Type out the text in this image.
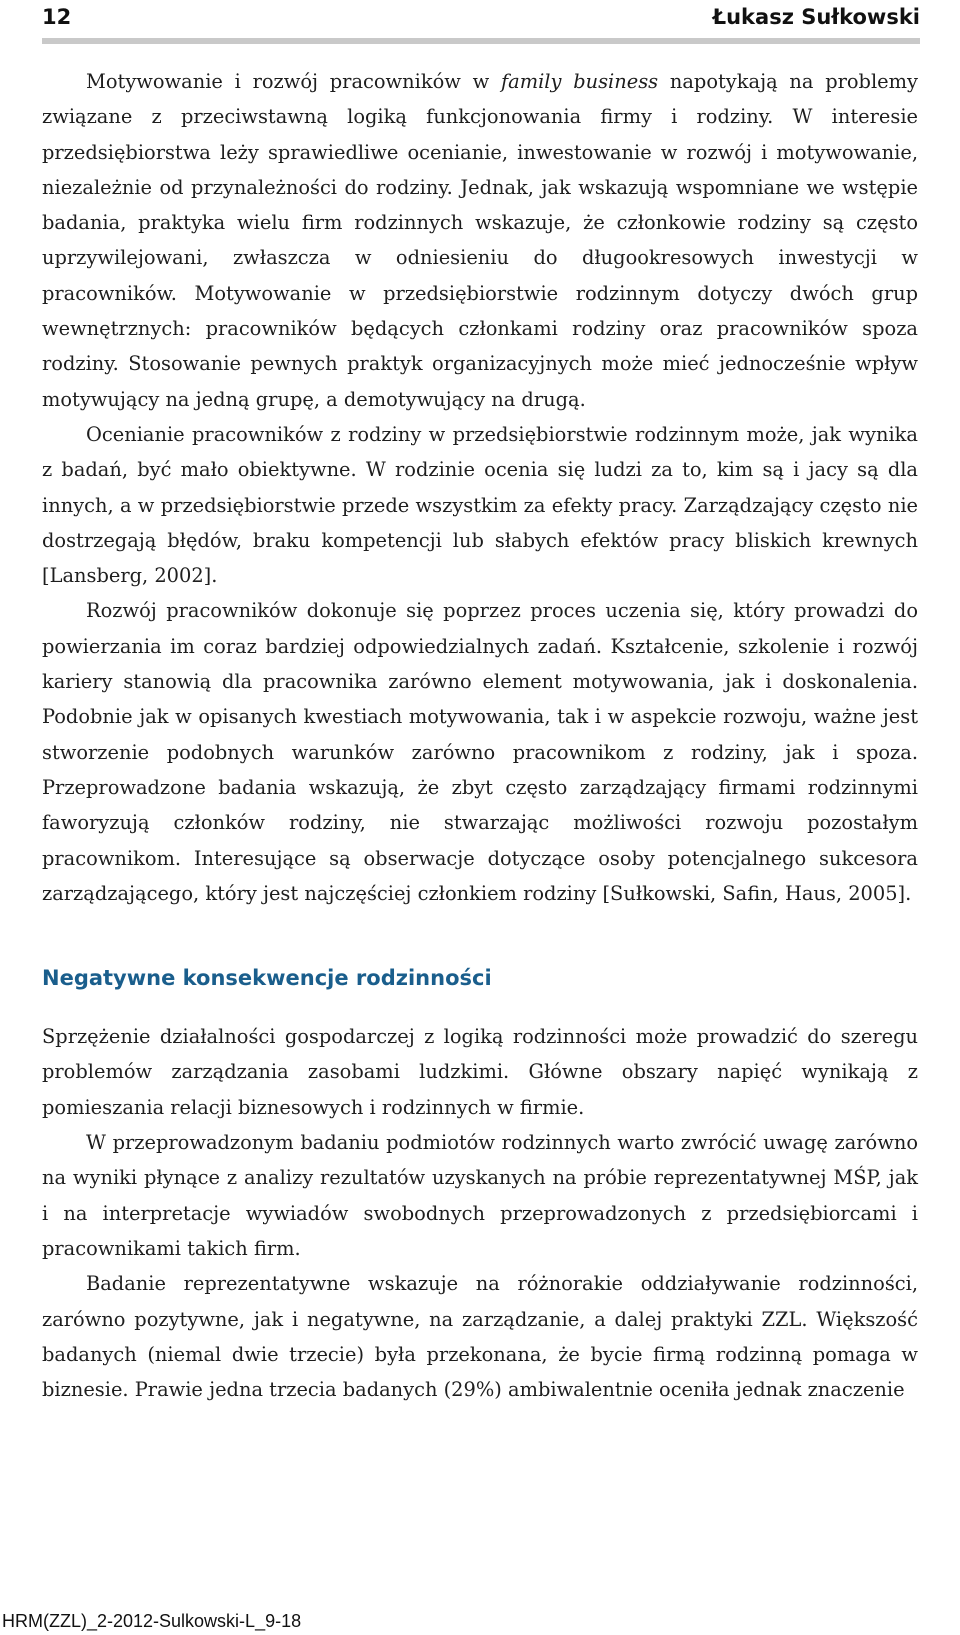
12	Łukasz Sułkowski

Motywowanie i rozwój pracowników w family business napotykają na problemy związane z przeciwstawną logiką funkcjonowania firmy i rodziny. W interesie przedsiębiorstwa leży sprawiedliwe ocenianie, inwestowanie w rozwój i motywowanie, niezależnie od przynależności do rodziny. Jednak, jak wskazują wspomniane we wstępie badania, praktyka wielu firm rodzinnych wskazuje, że członkowie rodziny są często uprzywilejowani, zwłaszcza w odniesieniu do długookresowych inwestycji w pracowników. Motywowanie w przedsiębiorstwie rodzinnym dotyczy dwóch grup wewnętrznych: pracowników będących członkami rodziny oraz pracowników spoza rodziny. Stosowanie pewnych praktyk organizacyjnych może mieć jednocześnie wpływ motywujący na jedną grupę, a demotywujący na drugą.

Ocenianie pracowników z rodziny w przedsiębiorstwie rodzinnym może, jak wynika z badań, być mało obiektywne. W rodzinie ocenia się ludzi za to, kim są i jacy są dla innych, a w przedsiębiorstwie przede wszystkim za efekty pracy. Zarządzający często nie dostrzegają błędów, braku kompetencji lub słabych efektów pracy bliskich krewnych [Lansberg, 2002].

Rozwój pracowników dokonuje się poprzez proces uczenia się, który prowadzi do powierzania im coraz bardziej odpowiedzialnych zadań. Kształcenie, szkolenie i rozwój kariery stanowią dla pracownika zarówno element motywowania, jak i doskonalenia. Podobnie jak w opisanych kwestiach motywowania, tak i w aspekcie rozwoju, ważne jest stworzenie podobnych warunków zarówno pracownikom z rodziny, jak i spoza. Przeprowadzone badania wskazują, że zbyt często zarządzający firmami rodzinnymi faworyzują członków rodziny, nie stwarzając możliwości rozwoju pozostałym pracownikom. Interesujące są obserwacje dotyczące osoby potencjalnego sukcesora zarządzającego, który jest najczęściej członkiem rodziny [Sułkowski, Safin, Haus, 2005].

Negatywne konsekwencje rodzinności

Sprzężenie działalności gospodarczej z logiką rodzinności może prowadzić do szeregu problemów zarządzania zasobami ludzkimi. Główne obszary napięć wynikają z pomieszania relacji biznesowych i rodzinnych w firmie.

W przeprowadzonym badaniu podmiotów rodzinnych warto zwrócić uwagę zarówno na wyniki płynące z analizy rezultatów uzyskanych na próbie reprezentatywnej MŚP, jak i na interpretacje wywiadów swobodnych przeprowadzonych z przedsiębiorcami i pracownikami takich firm.

Badanie reprezentatywne wskazuje na różnorakie oddziaływanie rodzinności, zarówno pozytywne, jak i negatywne, na zarządzanie, a dalej praktyki ZZL. Większość badanych (niemal dwie trzecie) była przekonana, że bycie firmą rodzinną pomaga w biznesie. Prawie jedna trzecia badanych (29%) ambiwalentnie oceniła jednak znaczenie

HRM(ZZL)_2-2012-Sulkowski-L_9-18
